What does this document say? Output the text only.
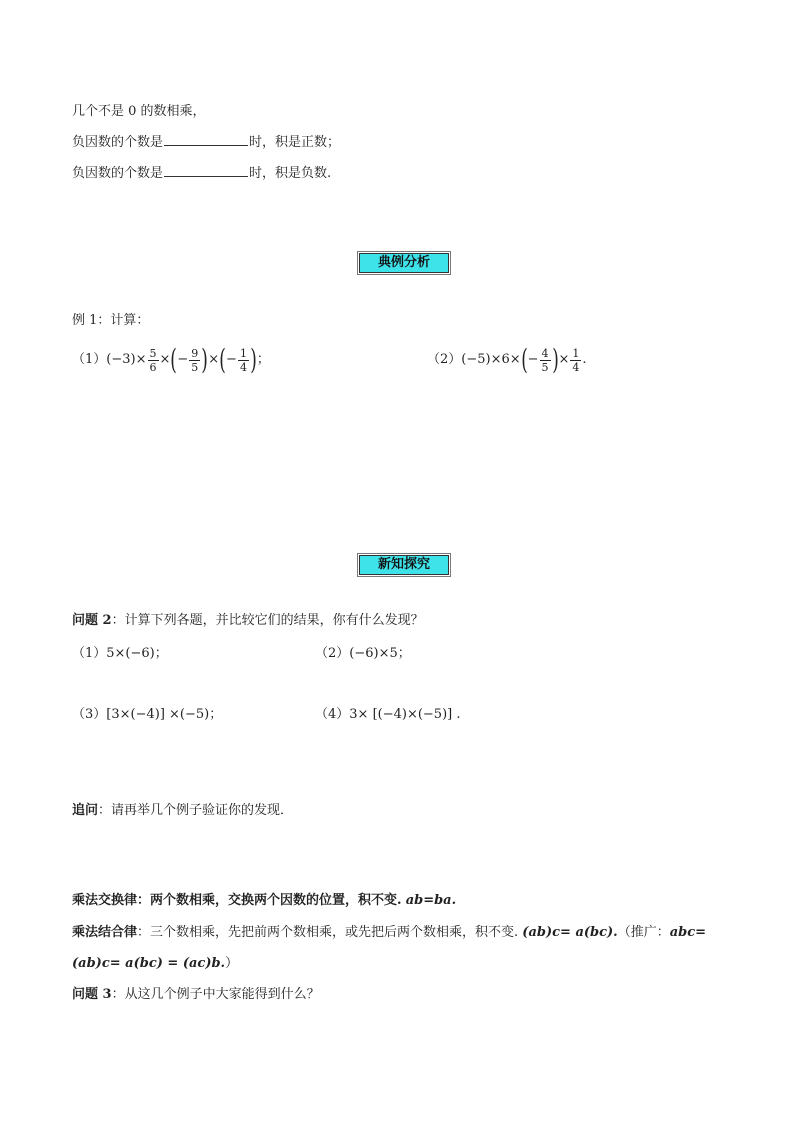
几个不是 0 的数相乘，
负因数的个数是	时，积是正数；
负因数的个数是	时，积是负数.
典例分析
例 1：计算：
（1） $(-3) \times \frac{5}{6}$ × ( − $\frac{9}{5}$ ) × ( − $\frac{1}{4}$ ) ；	（2） (−5) × 6 × ( − $\frac{4}{5}$ ) × $\frac{1}{4}$ .
新知探究
问题 2：计算下列各题，并比较它们的结果，你有什么发现？
（1）5×(−6)；	（2）(−6)×5；
（3）[3×(−4)] ×(−5)；	（4）3× [(−4)×(−5)] .
追问：请再举几个例子验证你的发现．
乘法交换律：两个数相乘，交换两个因数的位置，积不变. ab=ba.
乘法结合律：三个数相乘，先把前两个数相乘，或先把后两个数相乘，积不变. (ab)c= a(bc).（推广：abc=
(ab)c= a(bc) = (ac)b.）
问题 3：从这几个例子中大家能得到什么？
